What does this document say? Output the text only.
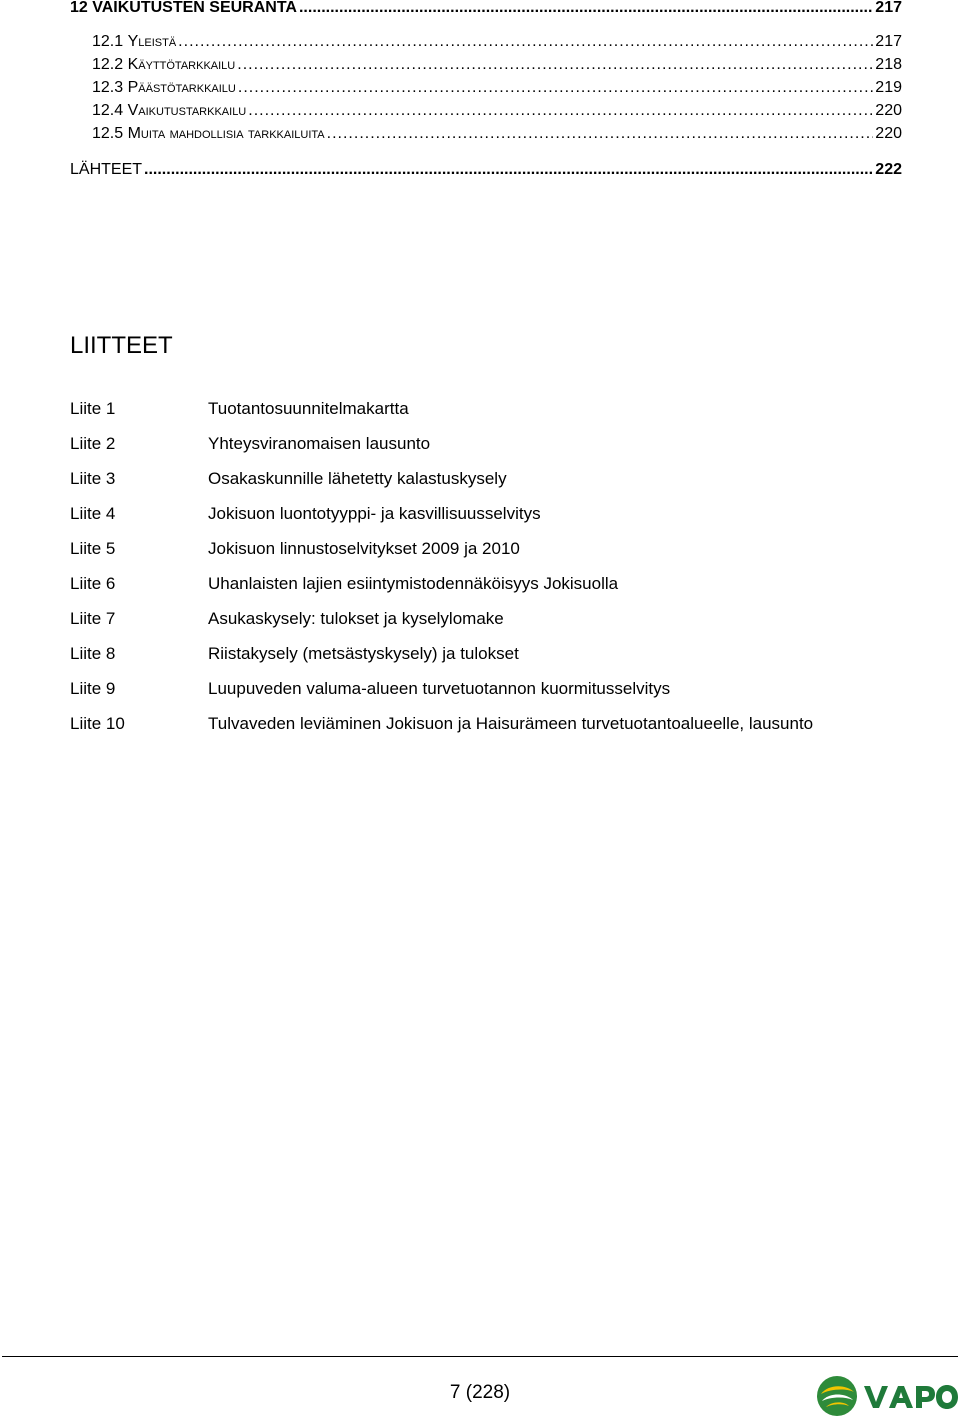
12 VAIKUTUSTEN SEURANTA .....	217
12.1 Yleistä .....	217
12.2 Käyttötarkkailu .....	218
12.3 Päästötarkkailu .....	219
12.4 Vaikutustarkkailu .....	220
12.5 Muita mahdollisia tarkkailuita .....	220
LÄHTEET .....	222
LIITTEET
Liite 1	Tuotantosuunnitelmakartta
Liite 2	Yhteysviranomaisen lausunto
Liite 3	Osakaskunnille lähetetty kalastuskysely
Liite 4	Jokisuon luontotyyppi- ja kasvillisuusselvitys
Liite 5	Jokisuon linnustoselvitykset 2009 ja 2010
Liite 6	Uhanlaisten lajien esiintymistodennäköisyys Jokisuolla
Liite 7	Asukaskysely: tulokset ja kyselylomake
Liite 8	Riistakysely (metsästyskysely) ja tulokset
Liite 9	Luupuveden valuma-alueen turvetuotannon kuormitusselvitys
Liite 10	Tulvaveden leviäminen Jokisuon ja Haisurämeen turvetuotantoalueelle, lausunto
7 (228)
